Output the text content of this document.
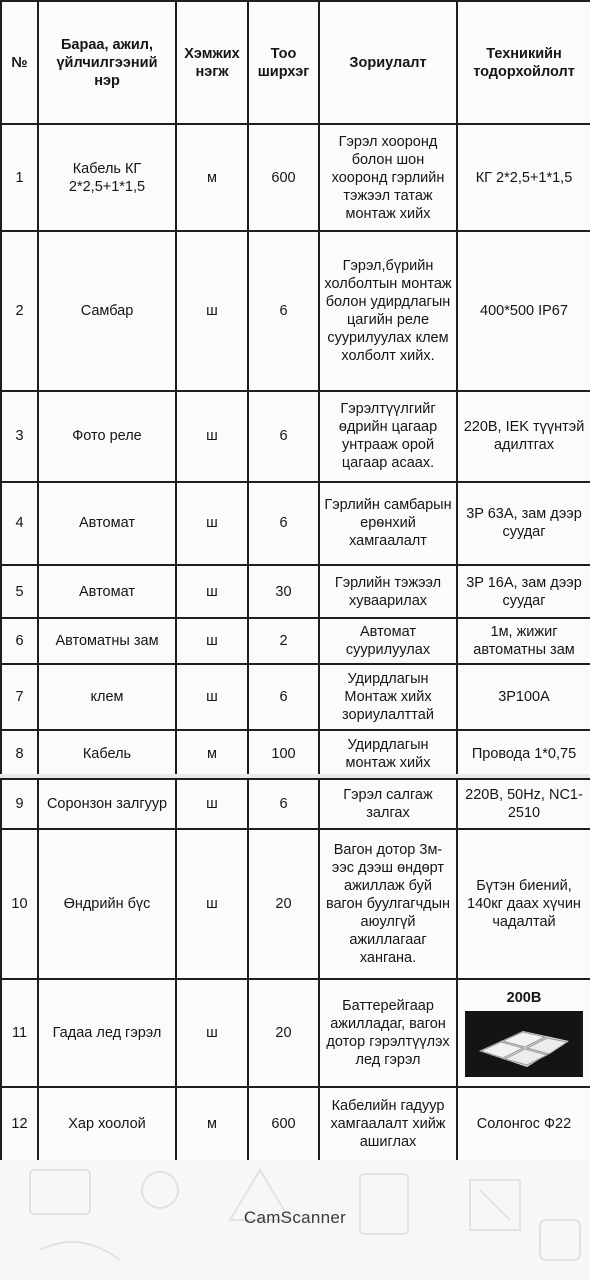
№	Бараа, ажил, үйлчилгээний нэр	Хэмжих нэгж	Тоо ширхэг	Зориулалт	Техникийн тодорхойлолт
1	Кабель КГ 2*2,5+1*1,5	м	600	Гэрэл хооронд болон шон хооронд гэрлийн тэжээл татаж монтаж хийх	КГ 2*2,5+1*1,5
2	Самбар	ш	6	Гэрэл,бүрийн холболтын монтаж болон удирдлагын цагийн реле суурилуулах клем холболт хийх.	400*500 IP67
3	Фото реле	ш	6	Гэрэлтүүлгийг өдрийн цагаар унтрааж орой цагаар асаах.	220В, IEK түүнтэй адилтгах
4	Автомат	ш	6	Гэрлийн самбарын ерөнхий хамгаалалт	3P 63A, зам дээр суудаг
5	Автомат	ш	30	Гэрлийн тэжээл хуваарилах	3P 16A, зам дээр суудаг
6	Автоматны зам	ш	2	Автомат суурилуулах	1м, жижиг автоматны зам
7	клем	ш	6	Удирдлагын Монтаж хийх зориулалттай	3P100A
8	Кабель	м	100	Удирдлагын монтаж хийх	Провода 1*0,75
9	Соронзон залгуур	ш	6	Гэрэл салгаж залгах	220В, 50Hz, NC1-2510
10	Өндрийн бүс	ш	20	Вагон дотор 3м-ээс дээш өндөрт ажиллаж буй вагон буулгагчдын аюулгүй ажиллагааг хангана.	Бүтэн биений, 140кг даах хүчин чадалтай
11	Гадаа лед гэрэл	ш	20	Баттерейгаар ажилладаг, вагон дотор гэрэлтүүлэх лед гэрэл	200В

12	Хар хоолой	м	600	Кабелийн гадуур хамгаалалт хийж ашиглах	Солонгос Ф22
CamScanner
